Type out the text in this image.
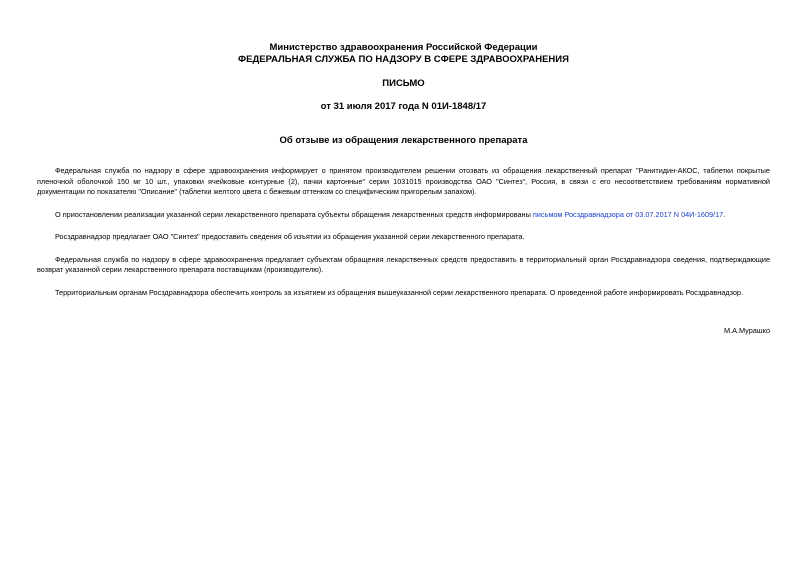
Министерство здравоохранения Российской Федерации
ФЕДЕРАЛЬНАЯ СЛУЖБА ПО НАДЗОРУ В СФЕРЕ ЗДРАВООХРАНЕНИЯ
ПИСЬМО
от 31 июля 2017 года N 01И-1848/17
Об отзыве из обращения лекарственного препарата

Федеральная служба по надзору в сфере здравоохранения информирует о принятом производителем решении отозвать из обращения лекарственный препарат "Ранитидин-АКОС, таблетки покрытые пленочной оболочкой 150 мг 10 шт., упаковки ячейковые контурные (2), пачки картонные" серии 1031015 производства ОАО "Синтез", Россия, в связи с его несоответствием требованиям нормативной документации по показателю "Описание" (таблетки желтого цвета с бежевым оттенком со специфическим пригорелым запахом).

О приостановлении реализации указанной серии лекарственного препарата субъекты обращения лекарственных средств информированы письмом Росздравнадзора от 03.07.2017 N 04И-1609/17.

Росздравнадзор предлагает ОАО "Синтез" предоставить сведения об изъятии из обращения указанной серии лекарственного препарата.

Федеральная служба по надзору в сфере здравоохранения предлагает субъектам обращения лекарственных средств предоставить в территориальный орган Росздравнадзора сведения, подтверждающие возврат указанной серии лекарственного препарата поставщикам (производителю).

Территориальным органам Росздравнадзора обеспечить контроль за изъятием из обращения вышеуказанной серии лекарственного препарата. О проведенной работе информировать Росздравнадзор.

М.А.Мурашко
